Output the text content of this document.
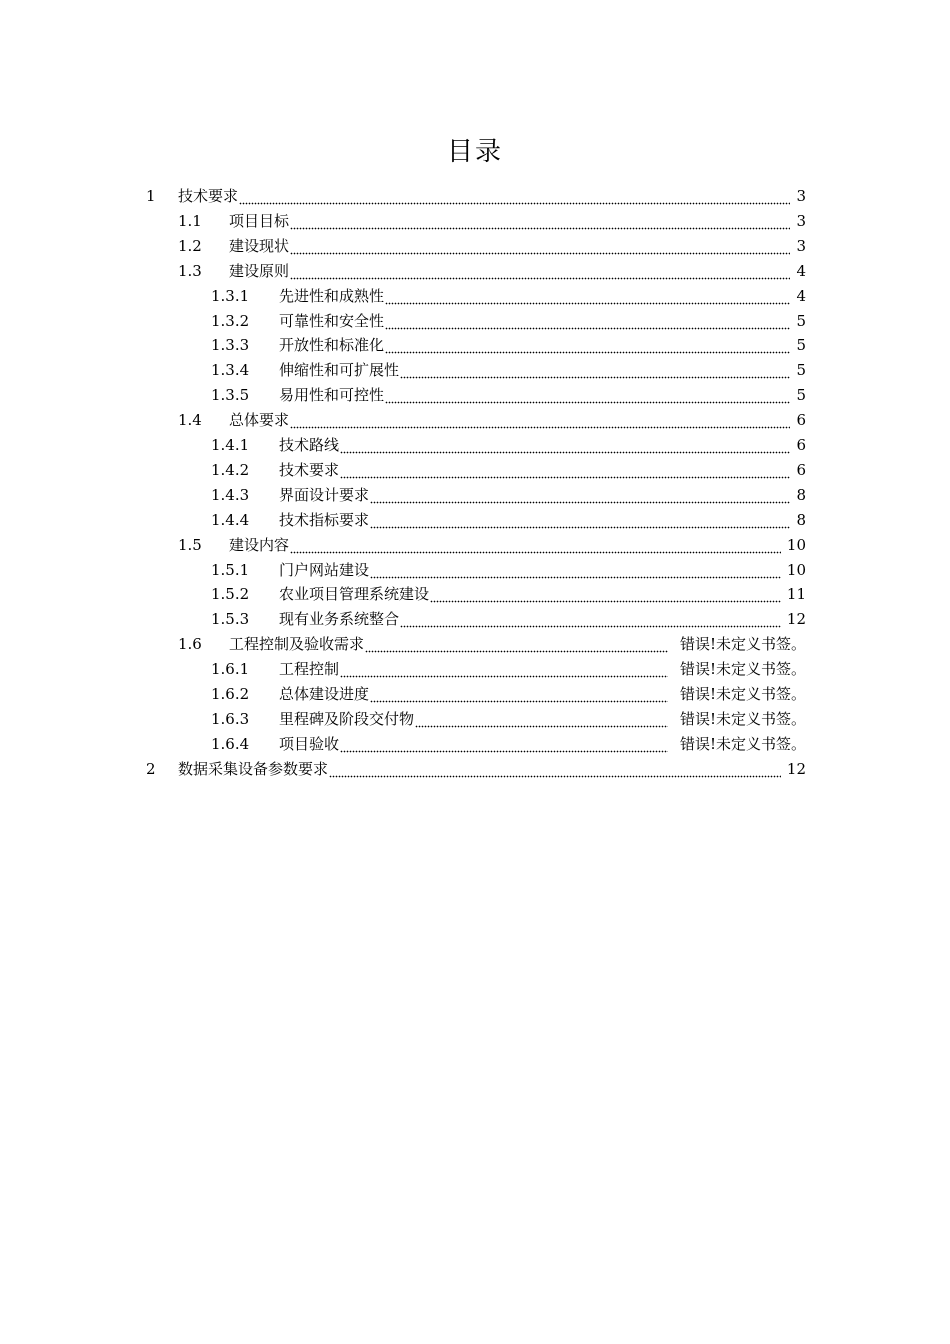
目录
1 技术要求	3
1.1 项目目标	3
1.2 建设现状	3
1.3 建设原则	4
1.3.1 先进性和成熟性	4
1.3.2 可靠性和安全性	5
1.3.3 开放性和标准化	5
1.3.4 伸缩性和可扩展性	5
1.3.5 易用性和可控性	5
1.4 总体要求	6
1.4.1 技术路线	6
1.4.2 技术要求	6
1.4.3 界面设计要求	8
1.4.4 技术指标要求	8
1.5 建设内容	10
1.5.1 门户网站建设	10
1.5.2 农业项目管理系统建设	11
1.5.3 现有业务系统整合	12
1.6 工程控制及验收需求	错误!未定义书签。
1.6.1 工程控制	错误!未定义书签。
1.6.2 总体建设进度	错误!未定义书签。
1.6.3 里程碑及阶段交付物	错误!未定义书签。
1.6.4 项目验收	错误!未定义书签。
2 数据采集设备参数要求	12
